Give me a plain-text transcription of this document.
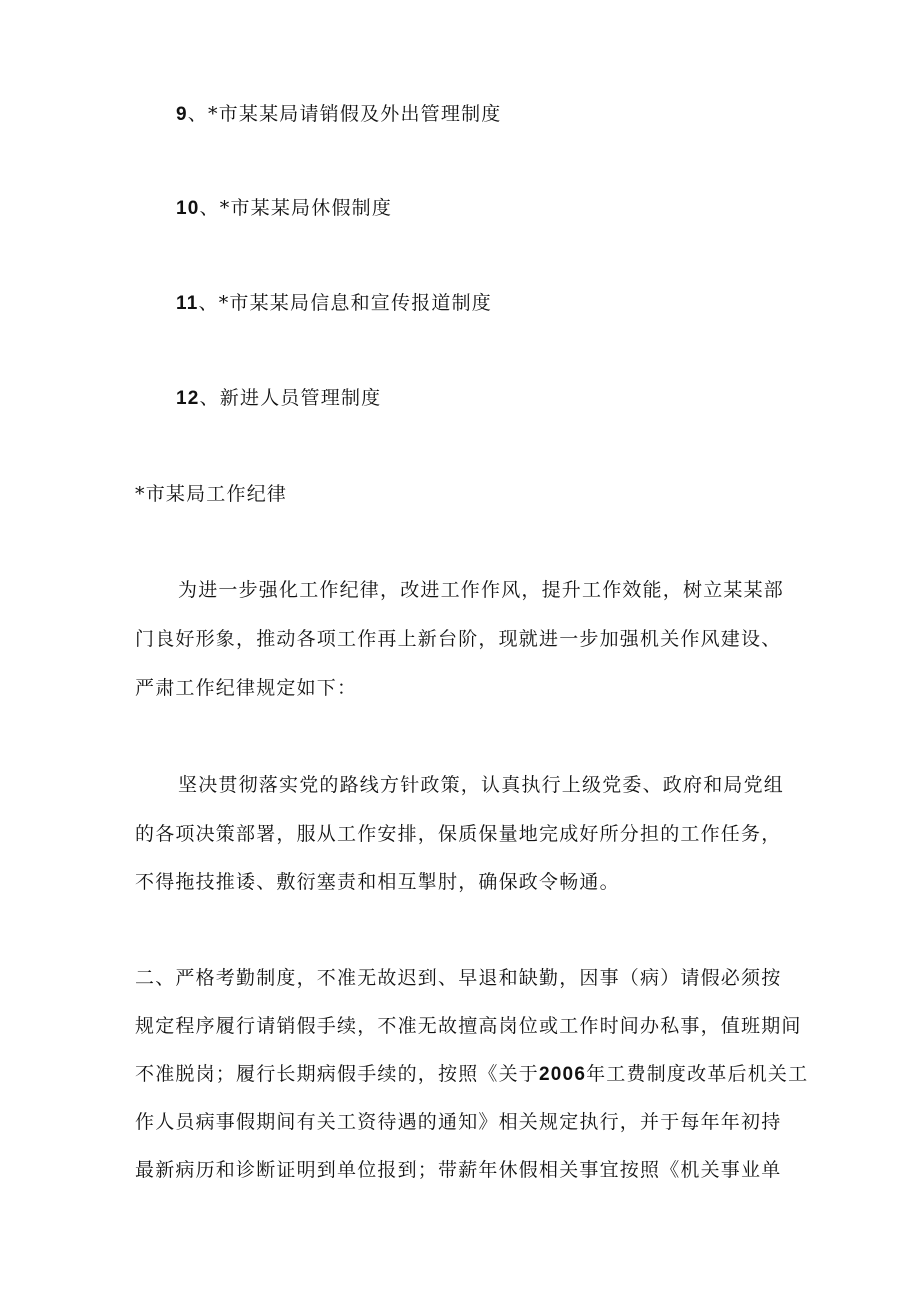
9、*市某某局请销假及外出管理制度
10、*市某某局休假制度
11、*市某某局信息和宣传报道制度
12、新进人员管理制度
*市某局工作纪律
为进一步强化工作纪律，改进工作作风，提升工作效能，树立某某部
门良好形象，推动各项工作再上新台阶，现就进一步加强机关作风建设、
严肃工作纪律规定如下：
坚决贯彻落实党的路线方针政策，认真执行上级党委、政府和局党组
的各项决策部署，服从工作安排，保质保量地完成好所分担的工作任务，
不得拖技推诿、敷衍塞责和相互掣肘，确保政令畅通。
二、严格考勤制度，不准无故迟到、早退和缺勤，因事（病）请假必须按
规定程序履行请销假手续，不准无故擅高岗位或工作时间办私事，值班期间
不准脱岗；履行长期病假手续的，按照《关于2006年工费制度改革后机关工
作人员病事假期间有关工资待遇的通知》相关规定执行，并于每年年初持
最新病历和诊断证明到单位报到；带薪年休假相关事宜按照《机关事业单
